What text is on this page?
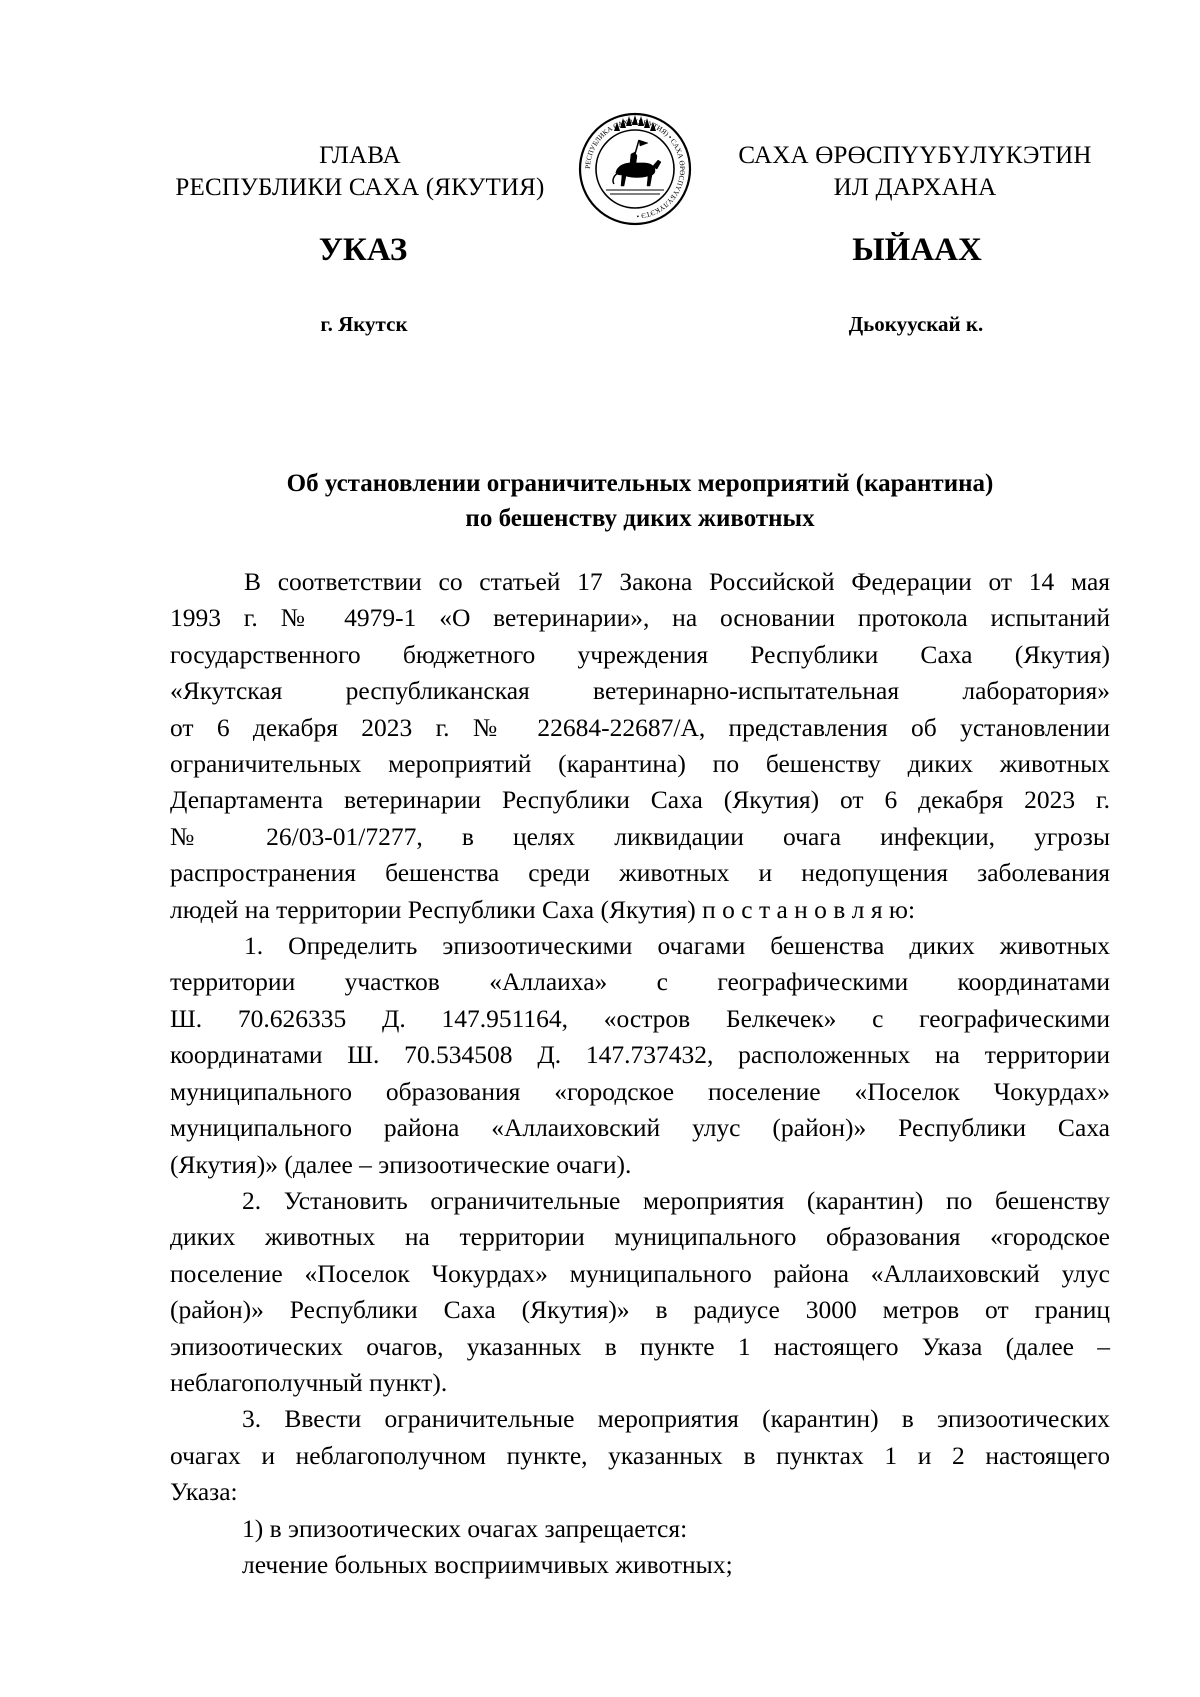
ГЛАВА
РЕСПУБЛИКИ САХА (ЯКУТИЯ)
РЕСПУБЛИКА САХА (ЯКУТИЯ) • САХА ӨРӨСПҮҮБҮЛҮКЭТЭ •
САХА ӨРӨСПҮҮБҮЛҮКЭТИН
ИЛ ДАРХАНА
УКАЗ	ЫЙААХ
г. Якутск	Дьокуускай к.
Об установлении ограничительных мероприятий (карантина)
по бешенству диких животных

В соответствии со статьей 17 Закона Российской Федерации от 14 мая
1993 г. № 4979-1 «О ветеринарии», на основании протокола испытаний
государственного бюджетного учреждения Республики Саха (Якутия)
«Якутская республиканская ветеринарно-испытательная лаборатория»
от 6 декабря 2023 г. № 22684-22687/А, представления об установлении
ограничительных мероприятий (карантина) по бешенству диких животных
Департамента ветеринарии Республики Саха (Якутия) от 6 декабря 2023 г.
№ 26/03-01/7277, в целях ликвидации очага инфекции, угрозы
распространения бешенства среди животных и недопущения заболевания
людей на территории Республики Саха (Якутия) п о с т а н о в л я ю:

1. Определить эпизоотическими очагами бешенства диких животных
территории участков «Аллаиха» с географическими координатами
Ш. 70.626335 Д. 147.951164, «остров Белкечек» с географическими
координатами Ш. 70.534508 Д. 147.737432, расположенных на территории
муниципального образования «городское поселение «Поселок Чокурдах»
муниципального района «Аллаиховский улус (район)» Республики Саха
(Якутия)» (далее – эпизоотические очаги).

2. Установить ограничительные мероприятия (карантин) по бешенству
диких животных на территории муниципального образования «городское
поселение «Поселок Чокурдах» муниципального района «Аллаиховский улус
(район)» Республики Саха (Якутия)» в радиусе 3000 метров от границ
эпизоотических очагов, указанных в пункте 1 настоящего Указа (далее –
неблагополучный пункт).

3. Ввести ограничительные мероприятия (карантин) в эпизоотических
очагах и неблагополучном пункте, указанных в пунктах 1 и 2 настоящего
Указа:

1) в эпизоотических очагах запрещается:

лечение больных восприимчивых животных;
